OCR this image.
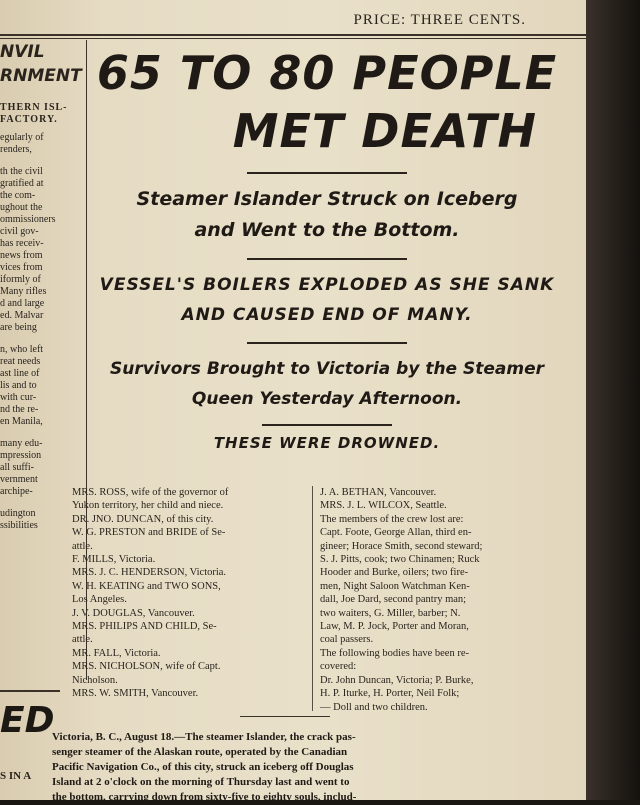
PRICE: THREE CENTS.
NVIL
RNMENT
THERN ISL-
FACTORY.
egularly of
renders,
th the civil
gratified at
the com-
ughout the
ommissioners
civil gov-
has receiv-
news from
vices from
iformly of
Many rifles
d and large
ed. Malvar
are being
n, who left
reat needs
ast line of
lis and to
with cur-
nd the re-
en Manila,
many edu-
mpression
all suffi-
vernment
archipe-
udington
ssibilities
ED
S IN A
65 TO 80 PEOPLE
MET DEATH
Steamer Islander Struck on Iceberg
and Went to the Bottom.
VESSEL'S BOILERS EXPLODED AS SHE SANK
AND CAUSED END OF MANY.
Survivors Brought to Victoria by the Steamer
Queen Yesterday Afternoon.
THESE WERE DROWNED.
MRS. ROSS, wife of the governor of
Yukon territory, her child and niece.
DR. JNO. DUNCAN, of this city.
W. G. PRESTON and BRIDE of Se-
attle.
F. MILLS, Victoria.
MRS. J. C. HENDERSON, Victoria.
W. H. KEATING and TWO SONS,
Los Angeles.
J. V. DOUGLAS, Vancouver.
MRS. PHILIPS AND CHILD, Se-
attle.
MR. FALL, Victoria.
MRS. NICHOLSON, wife of Capt.
Nicholson.
MRS. W. SMITH, Vancouver.
J. A. BETHAN, Vancouver.
MRS. J. L. WILCOX, Seattle.
The members of the crew lost are:
Capt. Foote, George Allan, third en-
gineer; Horace Smith, second steward;
S. J. Pitts, cook; two Chinamen; Ruck
Hooder and Burke, oilers; two fire-
men, Night Saloon Watchman Ken-
dall, Joe Dard, second pantry man;
two waiters, G. Miller, barber; N.
Law, M. P. Jock, Porter and Moran,
coal passers.
The following bodies have been re-
covered:
Dr. John Duncan, Victoria; P. Burke,
H. P. Iturke, H. Porter, Neil Folk;
— Doll and two children.
Victoria, B. C., August 18.—The steamer Islander, the crack pas-
senger steamer of the Alaskan route, operated by the Canadian
Pacific Navigation Co., of this city, struck an iceberg off Douglas
Island at 2 o'clock on the morning of Thursday last and went to
the bottom, carrying down from sixty-five to eighty souls, includ-
